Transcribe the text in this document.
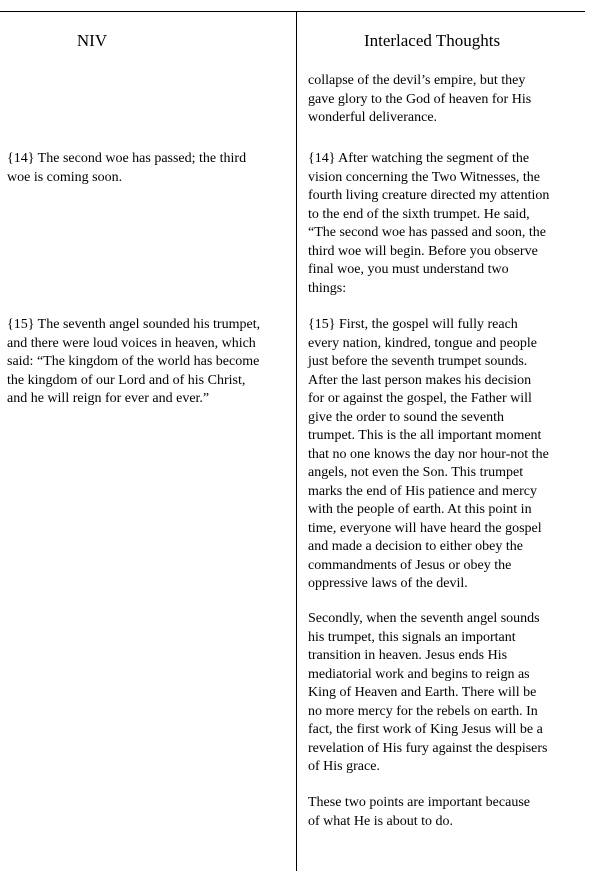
NIV	Interlaced Thoughts
collapse of the devil’s empire, but they
gave glory to the God of heaven for His
wonderful deliverance.
{14} The second woe has passed; the third
woe is coming soon.
{14} After watching the segment of the
vision concerning the Two Witnesses, the
fourth living creature directed my attention
to the end of the sixth trumpet. He said,
“The second woe has passed and soon, the
third woe will begin. Before you observe
final woe, you must understand two
things:
{15} The seventh angel sounded his trumpet,
and there were loud voices in heaven, which
said: “The kingdom of the world has become
the kingdom of our Lord and of his Christ,
and he will reign for ever and ever.”
{15} First, the gospel will fully reach
every nation, kindred, tongue and people
just before the seventh trumpet sounds.
After the last person makes his decision
for or against the gospel, the Father will
give the order to sound the seventh
trumpet. This is the all important moment
that no one knows the day nor hour-not the
angels, not even the Son. This trumpet
marks the end of His patience and mercy
with the people of earth. At this point in
time, everyone will have heard the gospel
and made a decision to either obey the
commandments of Jesus or obey the
oppressive laws of the devil.
Secondly, when the seventh angel sounds
his trumpet, this signals an important
transition in heaven. Jesus ends His
mediatorial work and begins to reign as
King of Heaven and Earth. There will be
no more mercy for the rebels on earth. In
fact, the first work of King Jesus will be a
revelation of His fury against the despisers
of His grace.
These two points are important because
of what He is about to do.
